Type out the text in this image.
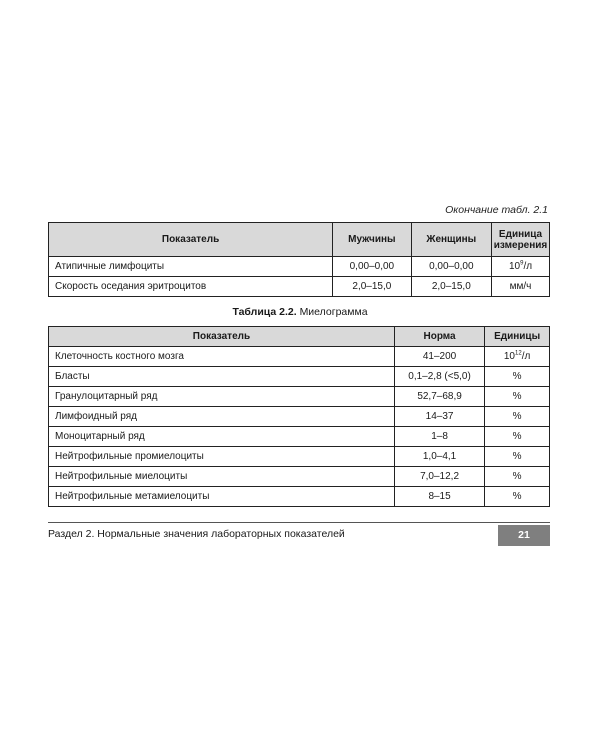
Окончание табл. 2.1
Показатель	Мужчины	Женщины	Единица
измерения
Атипичные лимфоциты	0,00–0,00	0,00–0,00	$10^9/л$
Скорость оседания эритроцитов	2,0–15,0	2,0–15,0	мм/ч
Таблица 2.2. Миелограмма
Показатель	Норма	Единицы
Клеточность костного мозга	41–200	$10^{12}/л$
Бласты	0,1–2,8 (<5,0)	%
Гранулоцитарный ряд	52,7–68,9	%
Лимфоидный ряд	14–37	%
Моноцитарный ряд	1–8	%
Нейтрофильные промиелоциты	1,0–4,1	%
Нейтрофильные миелоциты	7,0–12,2	%
Нейтрофильные метамиелоциты	8–15	%
Раздел 2. Нормальные значения лабораторных показателей	21
